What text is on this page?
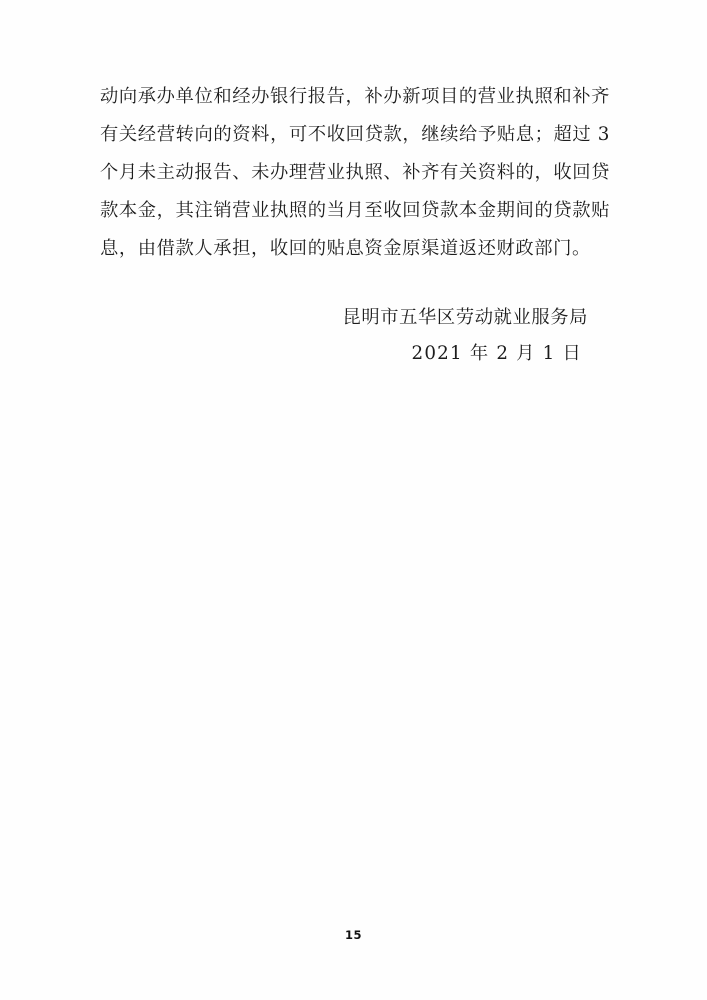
动向承办单位和经办银行报告，补办新项目的营业执照和补齐有关经营转向的资料，可不收回贷款，继续给予贴息；超过 3 个月未主动报告、未办理营业执照、补齐有关资料的，收回贷款本金，其注销营业执照的当月至收回贷款本金期间的贷款贴息，由借款人承担，收回的贴息资金原渠道返还财政部门。

昆明市五华区劳动就业服务局
2021 年 2 月 1 日
15
